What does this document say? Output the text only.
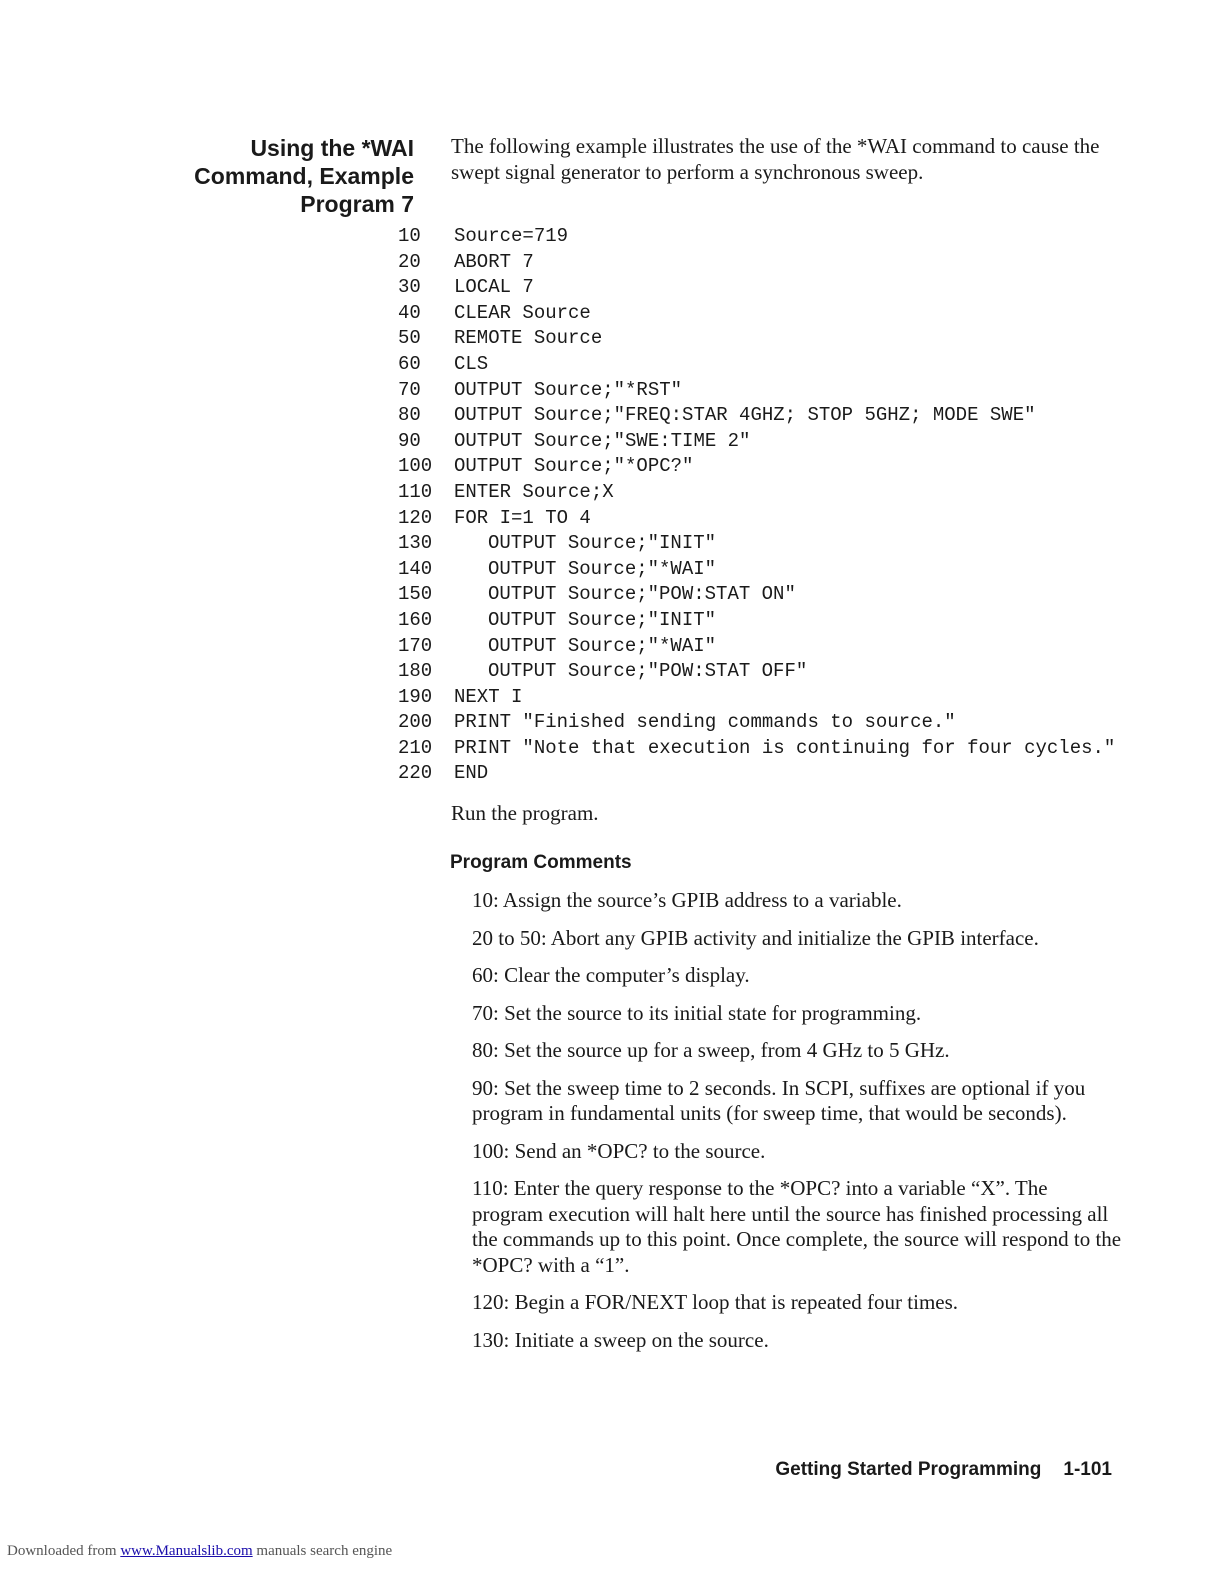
Using the *WAI
Command, Example
Program 7
The following example illustrates the use of the *WAI command to cause the swept signal generator to perform a synchronous sweep.
10	Source=719
20	ABORT 7
30	LOCAL 7
40	CLEAR Source
50	REMOTE Source
60	CLS
70	OUTPUT Source;"*RST"
80	OUTPUT Source;"FREQ:STAR 4GHZ; STOP 5GHZ; MODE SWE"
90	OUTPUT Source;"SWE:TIME 2"
100	OUTPUT Source;"*OPC?"
110	ENTER Source;X
120	FOR I=1 TO 4
130	OUTPUT Source;"INIT"
140	OUTPUT Source;"*WAI"
150	OUTPUT Source;"POW:STAT ON"
160	OUTPUT Source;"INIT"
170	OUTPUT Source;"*WAI"
180	OUTPUT Source;"POW:STAT OFF"
190	NEXT I
200	PRINT "Finished sending commands to source."
210	PRINT "Note that execution is continuing for four cycles."
220	END
Run the program.
Program Comments

10: Assign the source’s GPIB address to a variable.

20 to 50: Abort any GPIB activity and initialize the GPIB interface.

60: Clear the computer’s display.

70: Set the source to its initial state for programming.

80: Set the source up for a sweep, from 4 GHz to 5 GHz.

90: Set the sweep time to 2 seconds. In SCPI, suffixes are optional if you program in fundamental units (for sweep time, that would be seconds).

100: Send an *OPC? to the source.

110: Enter the query response to the *OPC? into a variable “X”. The program execution will halt here until the source has finished processing all the commands up to this point. Once complete, the source will respond to the *OPC? with a “1”.

120: Begin a FOR/NEXT loop that is repeated four times.

130: Initiate a sweep on the source.

Getting Started Programming 1-101
Downloaded from www.Manualslib.com manuals search engine
